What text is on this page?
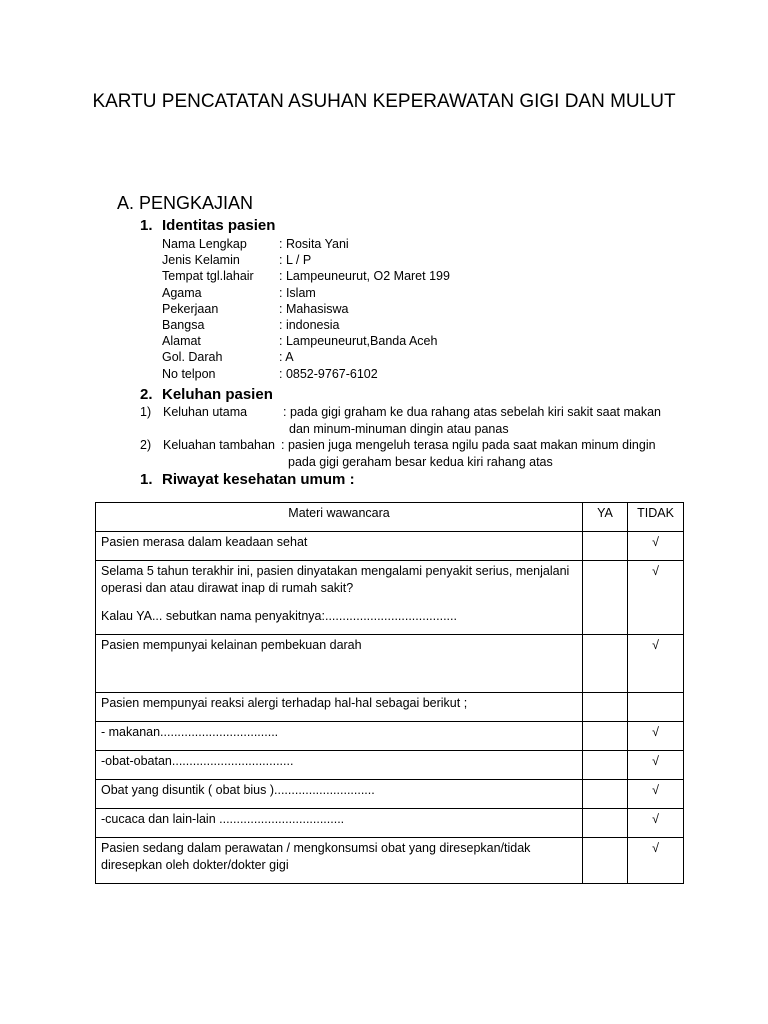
KARTU PENCATATAN ASUHAN KEPERAWATAN GIGI DAN MULUT
A. PENGKAJIAN
1. Identitas pasien
Nama Lengkap	: Rosita Yani
Jenis Kelamin	: L / P
Tempat tgl.lahair : Lampeuneurut, O2 Maret 199
Agama	: Islam
Pekerjaan	: Mahasiswa
Bangsa	: indonesia
Alamat	: Lampeuneurut,Banda Aceh
Gol. Darah	: A
No telpon	: 0852-9767-6102
2. Keluhan pasien
1) Keluhan utama	: pada gigi graham ke dua rahang atas sebelah kiri sakit saat makan
dan minum-minuman dingin atau panas
2) Keluahan tambahan : pasien juga mengeluh terasa ngilu pada saat makan minum dingin
pada gigi geraham besar kedua kiri rahang atas
1. Riwayat kesehatan umum :
Materi wawancara	YA	TIDAK
Pasien merasa dalam keadaan sehat		√
Selama 5 tahun terakhir ini, pasien dinyatakan mengalami penyakit serius, menjalani operasi dan atau dirawat inap di rumah sakit?
Kalau YA... sebutkan nama penyakitnya:......................................		√
Pasien mempunyai kelainan pembekuan darah		√
Pasien mempunyai reaksi alergi terhadap hal-hal sebagai berikut ;		
- makanan..................................		√
-obat-obatan...................................		√
Obat yang disuntik ( obat bius ).............................		√
-cucaca dan lain-lain ....................................		√
Pasien sedang dalam perawatan / mengkonsumsi obat yang diresepkan/tidak diresepkan oleh dokter/dokter gigi		√
